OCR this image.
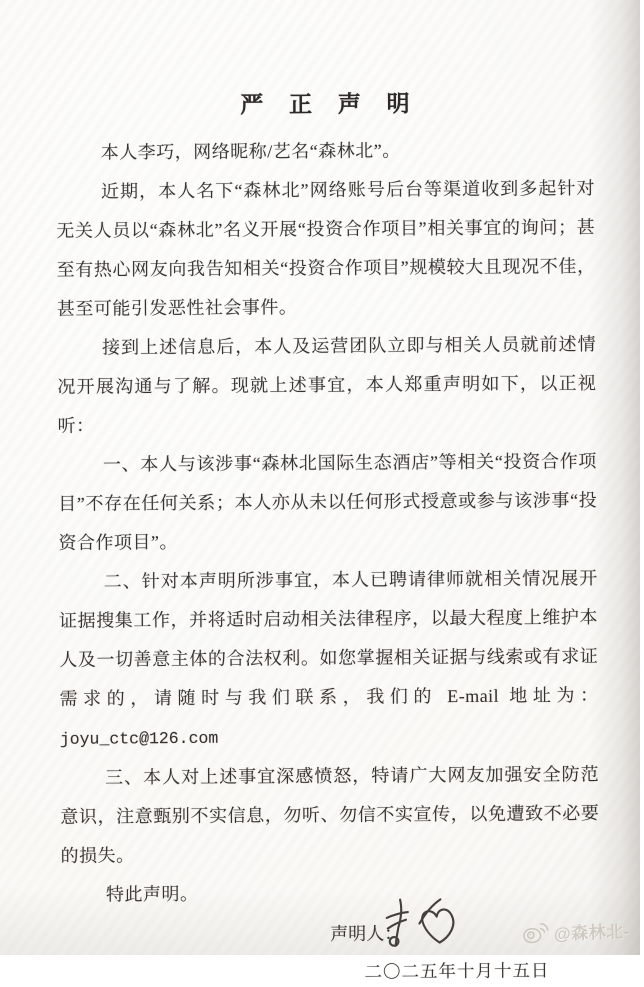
严 正 声 明

本人李巧，网络昵称/艺名“森林北”。

近期，本人名下“森林北”网络账号后台等渠道收到多起针对无关人员以“森林北”名义开展“投资合作项目”相关事宜的询问；甚至有热心网友向我告知相关“投资合作项目”规模较大且现况不佳，甚至可能引发恶性社会事件。

接到上述信息后，本人及运营团队立即与相关人员就前述情况开展沟通与了解。现就上述事宜，本人郑重声明如下，以正视听：

一、本人与该涉事“森林北国际生态酒店”等相关“投资合作项目”不存在任何关系；本人亦从未以任何形式授意或参与该涉事“投资合作项目”。

二、针对本声明所涉事宜，本人已聘请律师就相关情况展开证据搜集工作，并将适时启动相关法律程序，以最大程度上维护本人及一切善意主体的合法权利。如您掌握相关证据与线索或有求证需求的，请随时与我们联系，我们的 E-mail 地址为：joyu_ctc@126.com

三、本人对上述事宜深感愤怒，特请广大网友加强安全防范意识，注意甄别不实信息，勿听、勿信不实宣传，以免遭致不必要的损失。

特此声明。

声明人：
二〇二五年十月十五日
@森林北-
